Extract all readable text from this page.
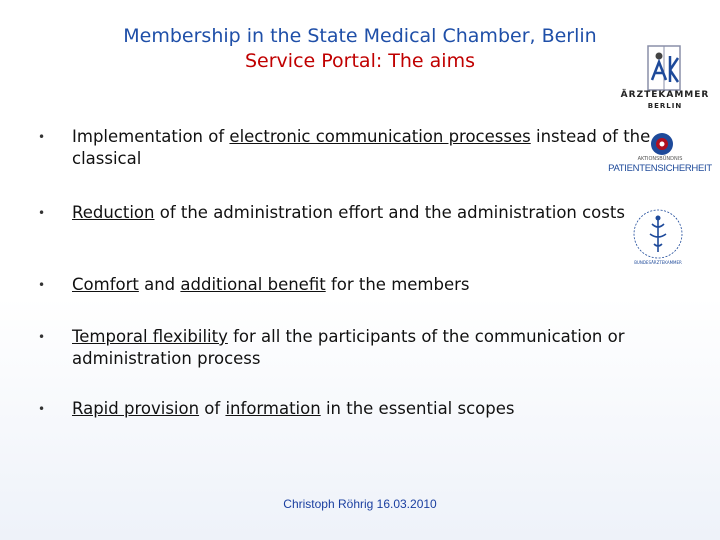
Membership in the State Medical Chamber, Berlin
Service Portal: The aims
ÄRZTEKAMMER
BERLIN
AKTIONSBÜNDNIS
PATIENTENSICHERHEIT
BUNDESÄRZTEKAMMER
•	Implementation of electronic communication processes instead of the classical
•	Reduction of the administration effort and the administration costs
•	Comfort and additional benefit for the members
•	Temporal flexibility for all the participants of the communication or administration process
•	Rapid provision of information in the essential scopes
Christoph Röhrig 16.03.2010
